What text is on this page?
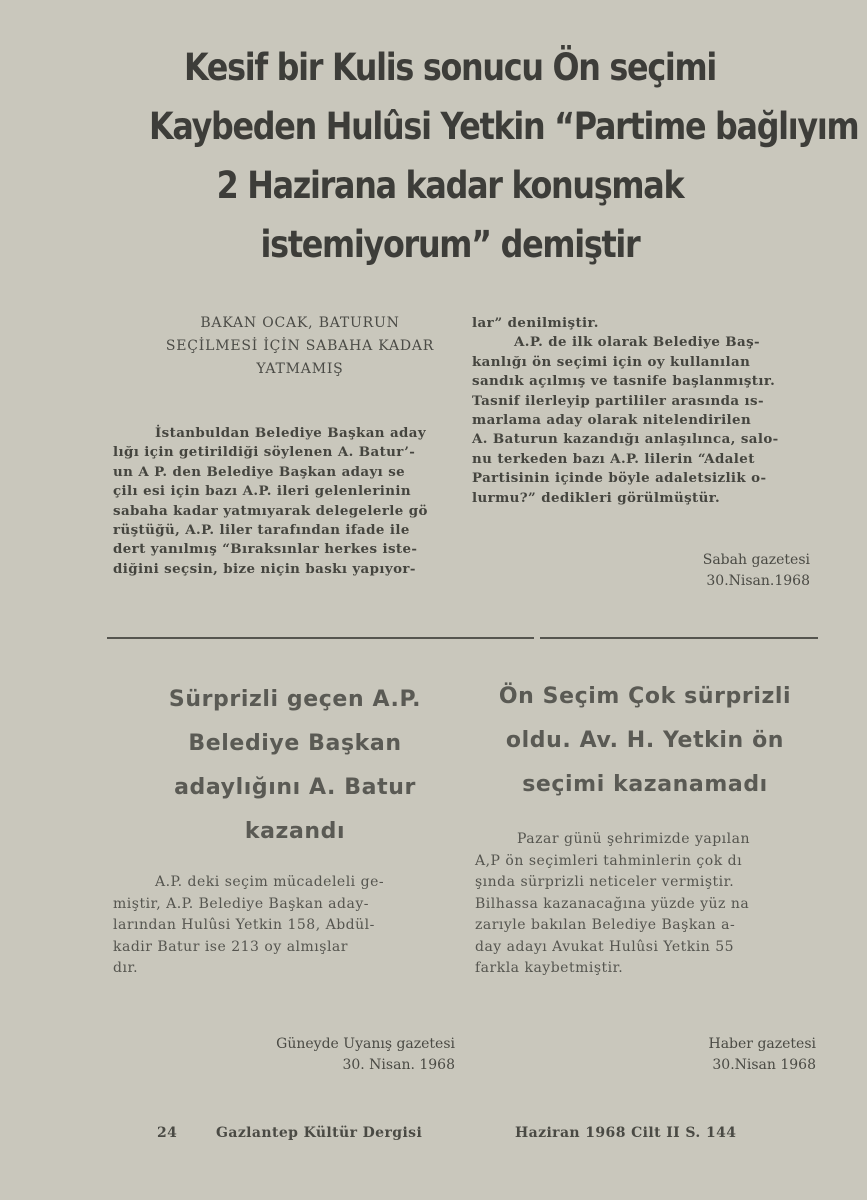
Kesif bir Kulis sonucu Ön seçimi
Kaybeden Hulûsi Yetkin “Partime bağlıyım
2 Hazirana kadar konuşmak
istemiyorum” demiştir
BAKAN OCAK, BATURUN
SEÇİLMESİ İÇİN SABAHA KADAR
YATMAMIŞ

İstanbuldan Belediye Başkan aday

lığı için getirildiği söylenen A. Batur’-

un A P. den Belediye Başkan adayı se

çilı esi için bazı A.P. ileri gelenlerinin

sabaha kadar yatmıyarak delegelerle gö

rüştüğü, A.P. liler tarafından ifade ile

dert yanılmış “Bıraksınlar herkes iste-

diğini seçsin, bize niçin baskı yapıyor-

lar” denilmiştir.

A.P. de ilk olarak Belediye Baş-

kanlığı ön seçimi için oy kullanılan

sandık açılmış ve tasnife başlanmıştır.

Tasnif ilerleyip partililer arasında ıs-

marlama aday olarak nitelendirilen

A. Baturun kazandığı anlaşılınca, salo-

nu terkeden bazı A.P. lilerin “Adalet

Partisinin içinde böyle adaletsizlik o-

lurmu?” dedikleri görülmüştür.

Sabah gazetesi
30.Nisan.1968
Sürprizli geçen A.P.
Belediye Başkan
adaylığını A. Batur
kazandı
Ön Seçim Çok sürprizli
oldu. Av. H. Yetkin ön
seçimi kazanamadı

A.P. deki seçim mücadeleli ge-

miştir, A.P. Belediye Başkan aday-

larından Hulûsi Yetkin 158, Abdül-

kadir Batur ise 213 oy almışlar

dır.

Pazar günü şehrimizde yapılan

A,P ön seçimleri tahminlerin çok dı

şında sürprizli neticeler vermiştir.

Bilhassa kazanacağına yüzde yüz na

zarıyle bakılan Belediye Başkan a-

day adayı Avukat Hulûsi Yetkin 55

farkla kaybetmiştir.

Güneyde Uyanış gazetesi
30. Nisan. 1968
Haber gazetesi
30.Nisan 1968
24	Gazlantep Kültür Dergisi	Haziran 1968 Cilt II S. 144
